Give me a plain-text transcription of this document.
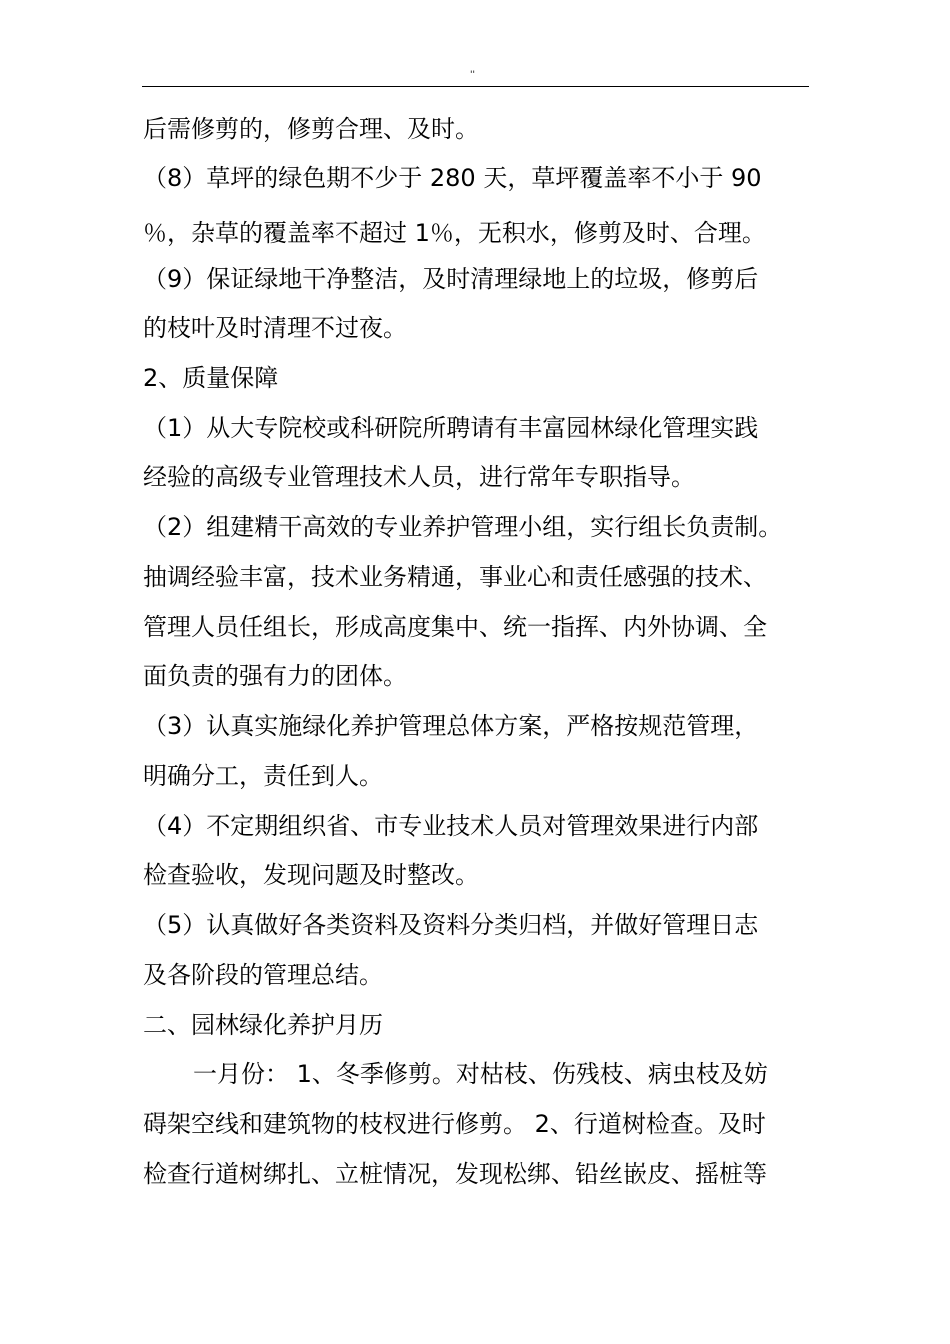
''
后需修剪的，修剪合理、及时。
（8）草坪的绿色期不少于 280 天，草坪覆盖率不小于 90
％，杂草的覆盖率不超过 1％，无积水，修剪及时、合理。
（9）保证绿地干净整洁，及时清理绿地上的垃圾，修剪后
的枝叶及时清理不过夜。
2、质量保障
（1）从大专院校或科研院所聘请有丰富园林绿化管理实践
经验的高级专业管理技术人员，进行常年专职指导。
（2）组建精干高效的专业养护管理小组，实行组长负责制。
抽调经验丰富，技术业务精通，事业心和责任感强的技术、
管理人员任组长，形成高度集中、统一指挥、内外协调、全
面负责的强有力的团体。
（3）认真实施绿化养护管理总体方案，严格按规范管理，
明确分工，责任到人。
（4）不定期组织省、市专业技术人员对管理效果进行内部
检查验收，发现问题及时整改。
（5）认真做好各类资料及资料分类归档，并做好管理日志
及各阶段的管理总结。
二、园林绿化养护月历
一月份： 1、冬季修剪。对枯枝、伤残枝、病虫枝及妨
碍架空线和建筑物的枝杈进行修剪。 2、行道树检查。及时
检查行道树绑扎、立桩情况，发现松绑、铅丝嵌皮、摇桩等
